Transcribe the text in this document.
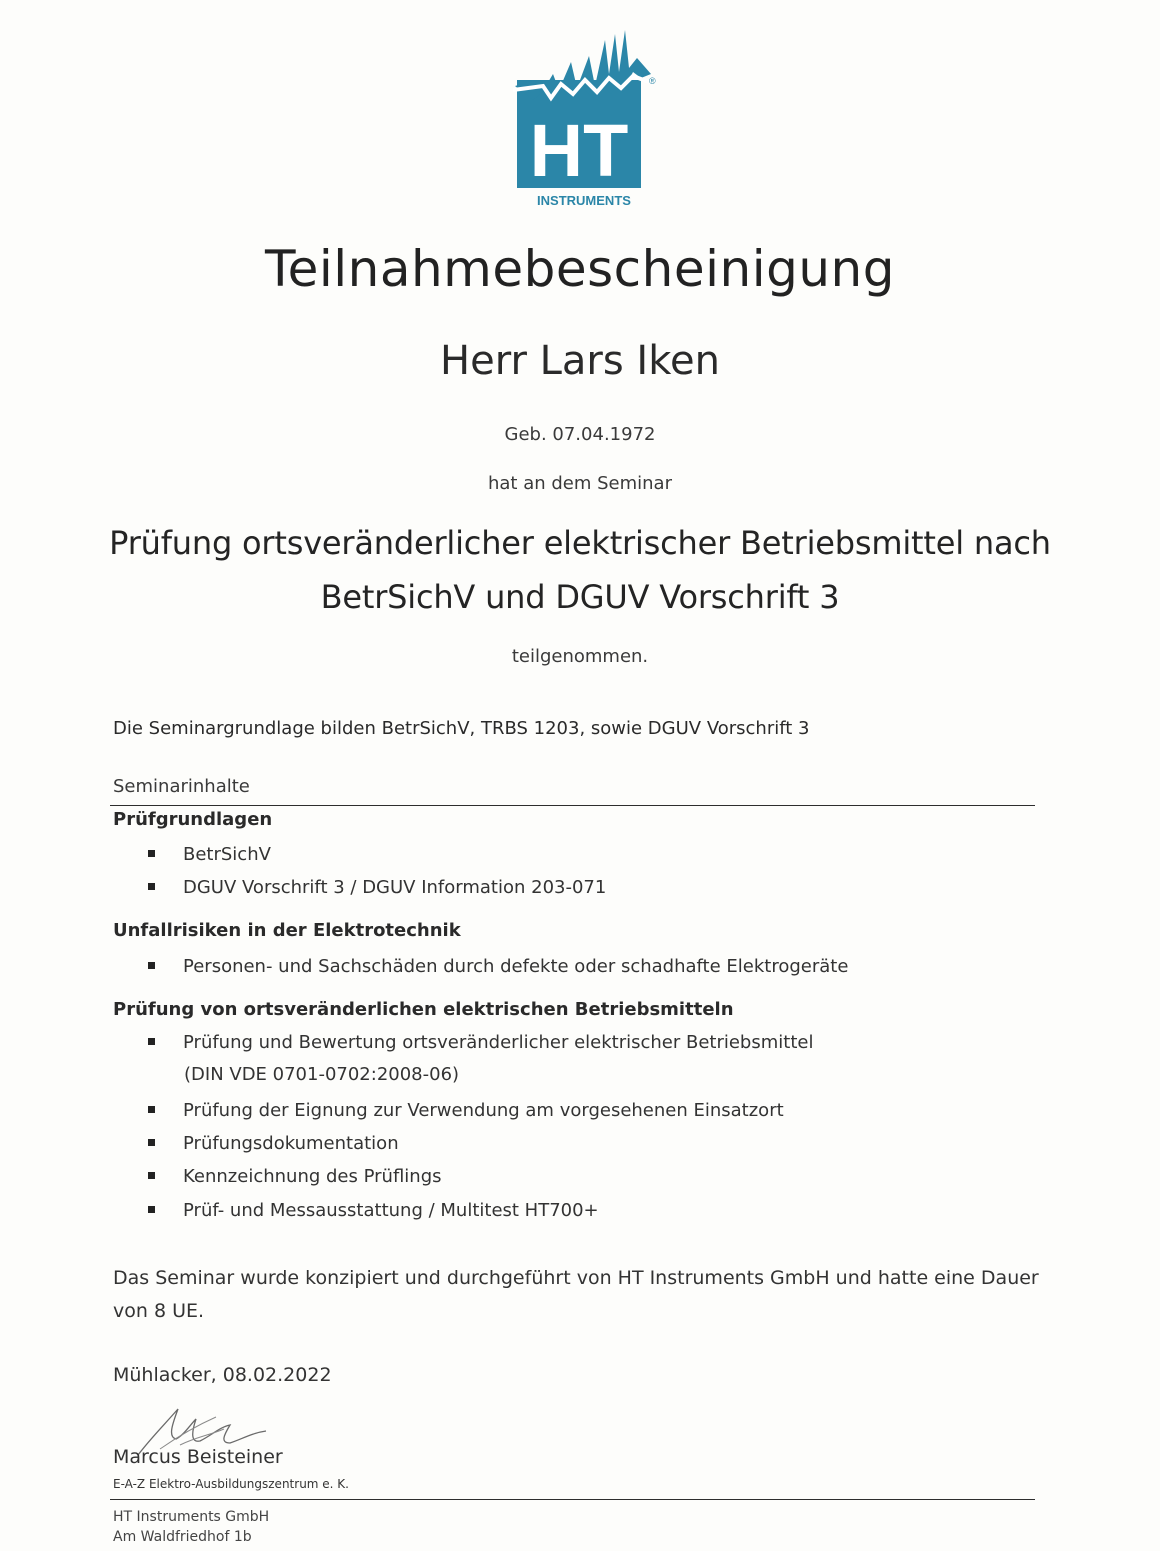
HT
®
INSTRUMENTS
Teilnahmebescheinigung
Herr Lars Iken
Geb. 07.04.1972
hat an dem Seminar
Prüfung ortsveränderlicher elektrischer Betriebsmittel nach
BetrSichV und DGUV Vorschrift 3
teilgenommen.
Die Seminargrundlage bilden BetrSichV, TRBS 1203, sowie DGUV Vorschrift 3
Seminarinhalte
Prüfgrundlagen
BetrSichV
DGUV Vorschrift 3 / DGUV Information 203-071
Unfallrisiken in der Elektrotechnik
Personen- und Sachschäden durch defekte oder schadhafte Elektrogeräte
Prüfung von ortsveränderlichen elektrischen Betriebsmitteln
Prüfung und Bewertung ortsveränderlicher elektrischer Betriebsmittel
(DIN VDE 0701-0702:2008-06)
Prüfung der Eignung zur Verwendung am vorgesehenen Einsatzort
Prüfungsdokumentation
Kennzeichnung des Prüflings
Prüf- und Messausstattung / Multitest HT700+
Das Seminar wurde konzipiert und durchgeführt von HT Instruments GmbH und hatte eine Dauer
von 8 UE.
Mühlacker, 08.02.2022
Marcus Beisteiner
E-A-Z Elektro-Ausbildungszentrum e. K.
HT Instruments GmbH
Am Waldfriedhof 1b
